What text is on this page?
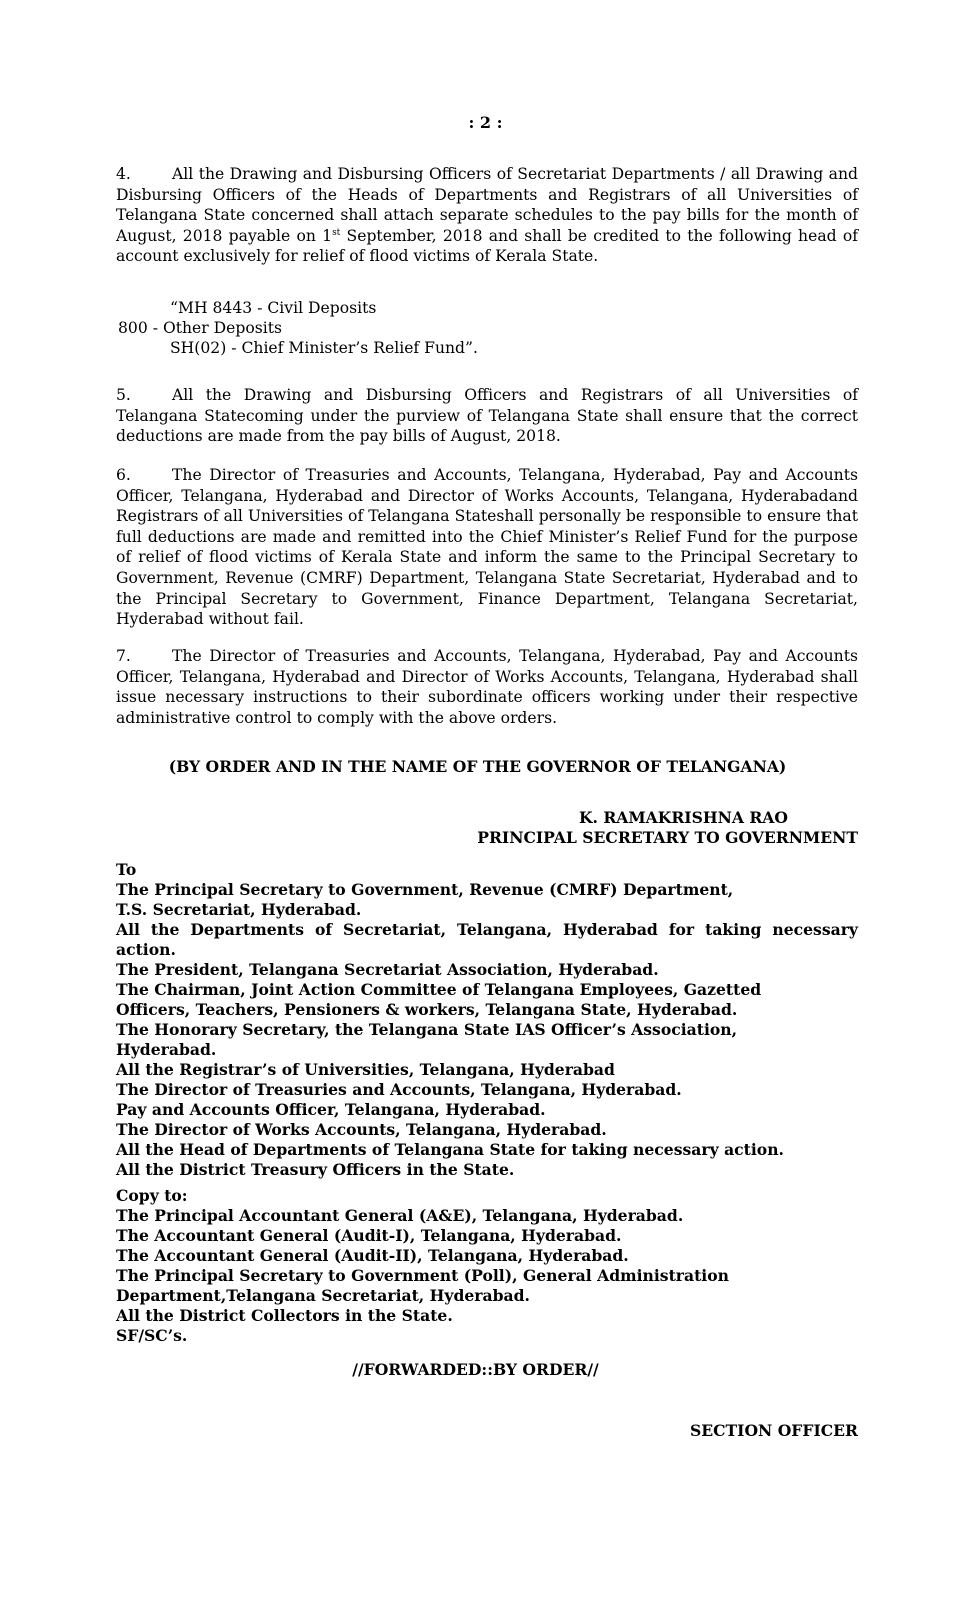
: 2 :

4.	All the Drawing and Disbursing Officers of Secretariat Departments / all Drawing and Disbursing Officers of the Heads of Departments and Registrars of all Universities of Telangana State concerned shall attach separate schedules to the pay bills for the month of August, 2018 payable on 1st September, 2018 and shall be credited to the following head of account exclusively for relief of flood victims of Kerala State.

“MH 8443 - Civil Deposits
800 - Other Deposits
SH(02) - Chief Minister’s Relief Fund”.

5.	All the Drawing and Disbursing Officers and Registrars of all Universities of Telangana Statecoming under the purview of Telangana State shall ensure that the correct deductions are made from the pay bills of August, 2018.

6.	The Director of Treasuries and Accounts, Telangana, Hyderabad, Pay and Accounts Officer, Telangana, Hyderabad and Director of Works Accounts, Telangana, Hyderabadand Registrars of all Universities of Telangana Stateshall personally be responsible to ensure that full deductions are made and remitted into the Chief Minister’s Relief Fund for the purpose of relief of flood victims of Kerala State and inform the same to the Principal Secretary to Government, Revenue (CMRF) Department, Telangana State Secretariat, Hyderabad and to the Principal Secretary to Government, Finance Department, Telangana Secretariat, Hyderabad without fail.

7.	The Director of Treasuries and Accounts, Telangana, Hyderabad, Pay and Accounts Officer, Telangana, Hyderabad and Director of Works Accounts, Telangana, Hyderabad shall issue necessary instructions to their subordinate officers working under their respective administrative control to comply with the above orders.

(BY ORDER AND IN THE NAME OF THE GOVERNOR OF TELANGANA)
K. RAMAKRISHNA RAO
PRINCIPAL SECRETARY TO GOVERNMENT
To
The Principal Secretary to Government, Revenue (CMRF) Department,
T.S. Secretariat, Hyderabad.
All the Departments of Secretariat, Telangana, Hyderabad for taking necessary
action.
The President, Telangana Secretariat Association, Hyderabad.
The Chairman, Joint Action Committee of Telangana Employees, Gazetted
Officers, Teachers, Pensioners & workers, Telangana State, Hyderabad.
The Honorary Secretary, the Telangana State IAS Officer’s Association,
Hyderabad.
All the Registrar’s of Universities, Telangana, Hyderabad
The Director of Treasuries and Accounts, Telangana, Hyderabad.
Pay and Accounts Officer, Telangana, Hyderabad.
The Director of Works Accounts, Telangana, Hyderabad.
All the Head of Departments of Telangana State for taking necessary action.
All the District Treasury Officers in the State.
Copy to:
The Principal Accountant General (A&E), Telangana, Hyderabad.
The Accountant General (Audit-I), Telangana, Hyderabad.
The Accountant General (Audit-II), Telangana, Hyderabad.
The Principal Secretary to Government (Poll), General Administration
Department,Telangana Secretariat, Hyderabad.
All the District Collectors in the State.
SF/SC’s.
//FORWARDED::BY ORDER//
SECTION OFFICER
